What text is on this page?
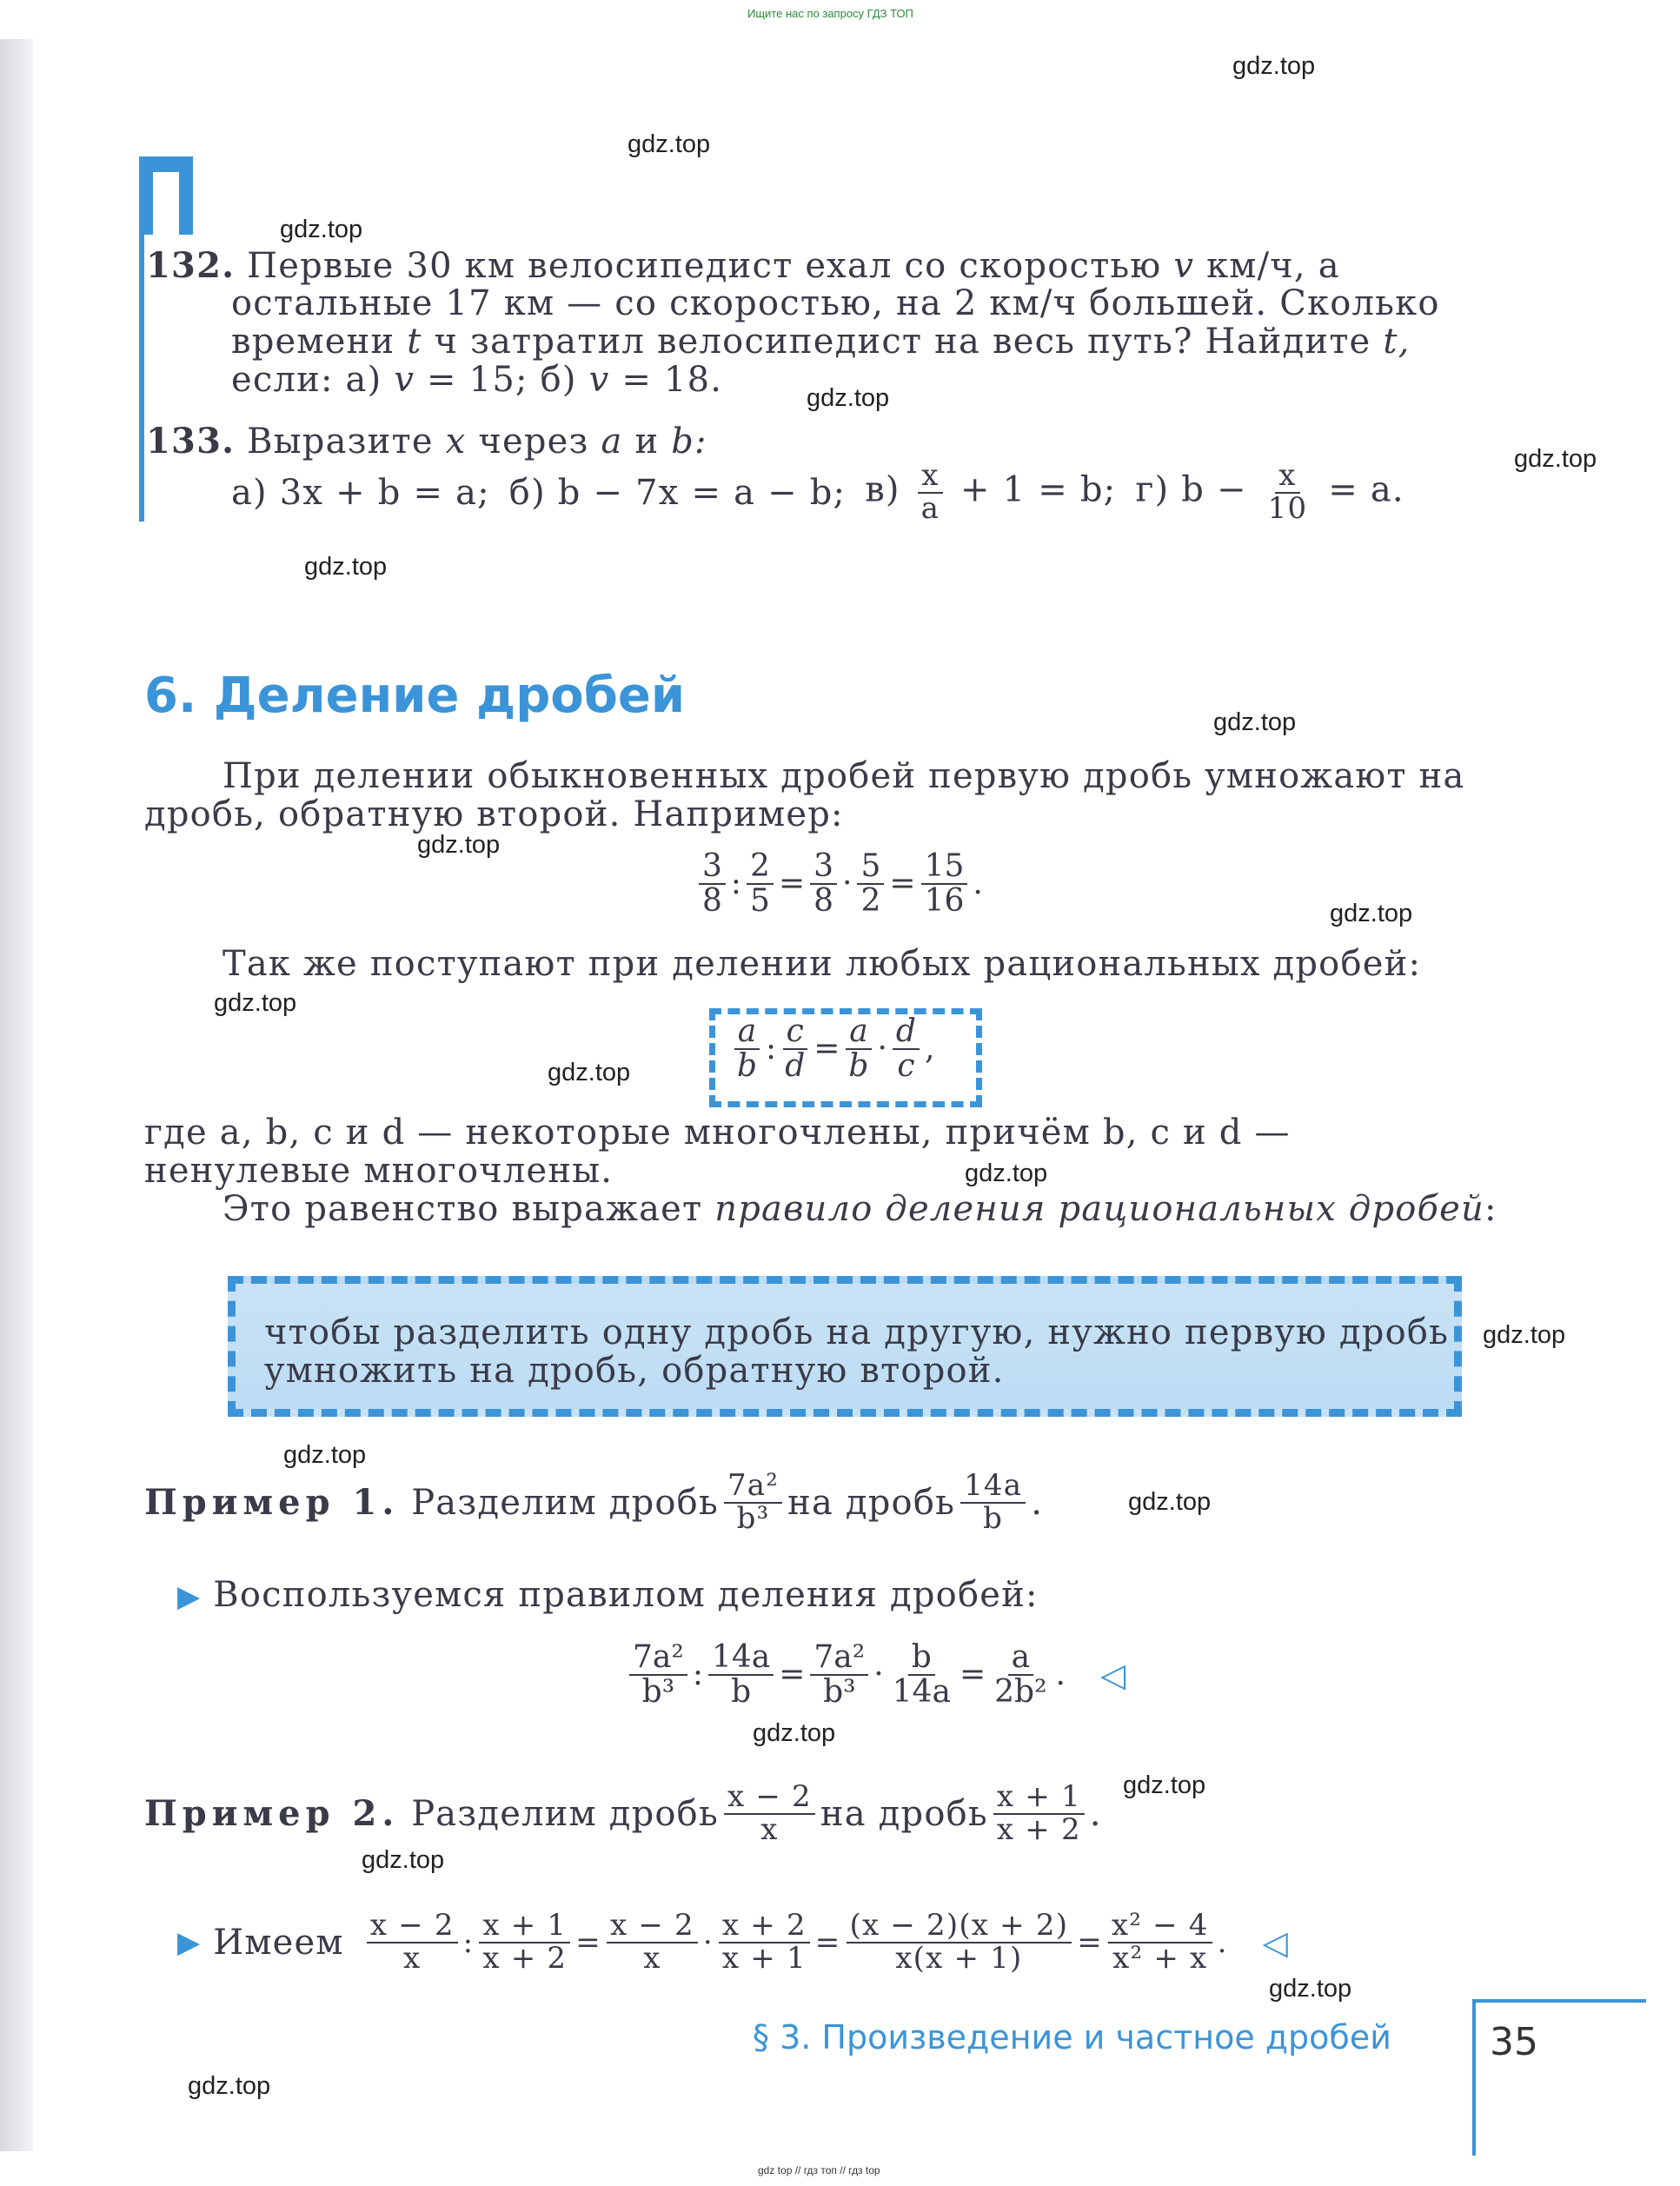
Ищите нас по запросу ГДЗ ТОП
gdz.top
gdz.top
gdz.top
gdz.top
gdz.top
gdz.top
gdz.top
gdz.top
gdz.top
gdz.top
gdz.top
gdz.top
gdz.top
gdz.top
gdz.top
gdz.top
gdz.top
gdz.top
gdz.top
gdz.top
132. Первые 30 км велосипедист ехал со скоростью v км/ч, а
остальные 17 км — со скоростью, на 2 км/ч большей. Сколько
времени t ч затратил велосипедист на весь путь? Найдите t,
если: а) v = 15; б) v = 18.
133. Выразите x через a и b:
а) 3x + b = a; б) b − 7x = a − b; $в) \frac{x}{a} + 1 = b$; г) $b - \frac{x}{10} = a$.
6. Деление дробей
При делении обыкновенных дробей первую дробь умножают на
дробь, обратную второй. Например:
3
8 : $\frac{2}{5} = \frac{3}{8} \cdot \frac{5}{2} = \frac{15}{16}$ .
Так же поступают при делении любых рациональных дробей:
a
b : $\frac{c}{d} = \frac{a}{b} \cdot d$
c ,
где a, b, c и d — некоторые многочлены, причём b, c и d —
ненулевые многочлены.
Это равенство выражает правило деления рациональных дробей:
чтобы разделить одну дробь на другую, нужно первую дробь
умножить на дробь, обратную второй.
Пример 1.
Разделим дробь 7a²
b³ на дробь 14a
b .
▶ Воспользуемся правилом деления дробей:
7a²
b³ : $\frac{14a}{b} = \frac{\text{7a²}}{\text{b³}} \cdot \frac{b}{14a} = \frac{a}{\text{2b²}}$ . ◁
Пример 2.
Разделим дробь x − 2
x на дробь x + 1
x + 2 .
▶
Имеем x − 2
x : $\frac{x + 1}{x + 2} = \frac{x - 2}{x} \cdot \frac{x + 2}{x + 1} = \frac{(x - 2)(x + 2)}{x(x + 1)} = \frac{\text{x² − 4}}{\text{x² + x}}$ . ◁
§ 3. Произведение и частное дробей	35
gdz top // гдз топ // гдз top
